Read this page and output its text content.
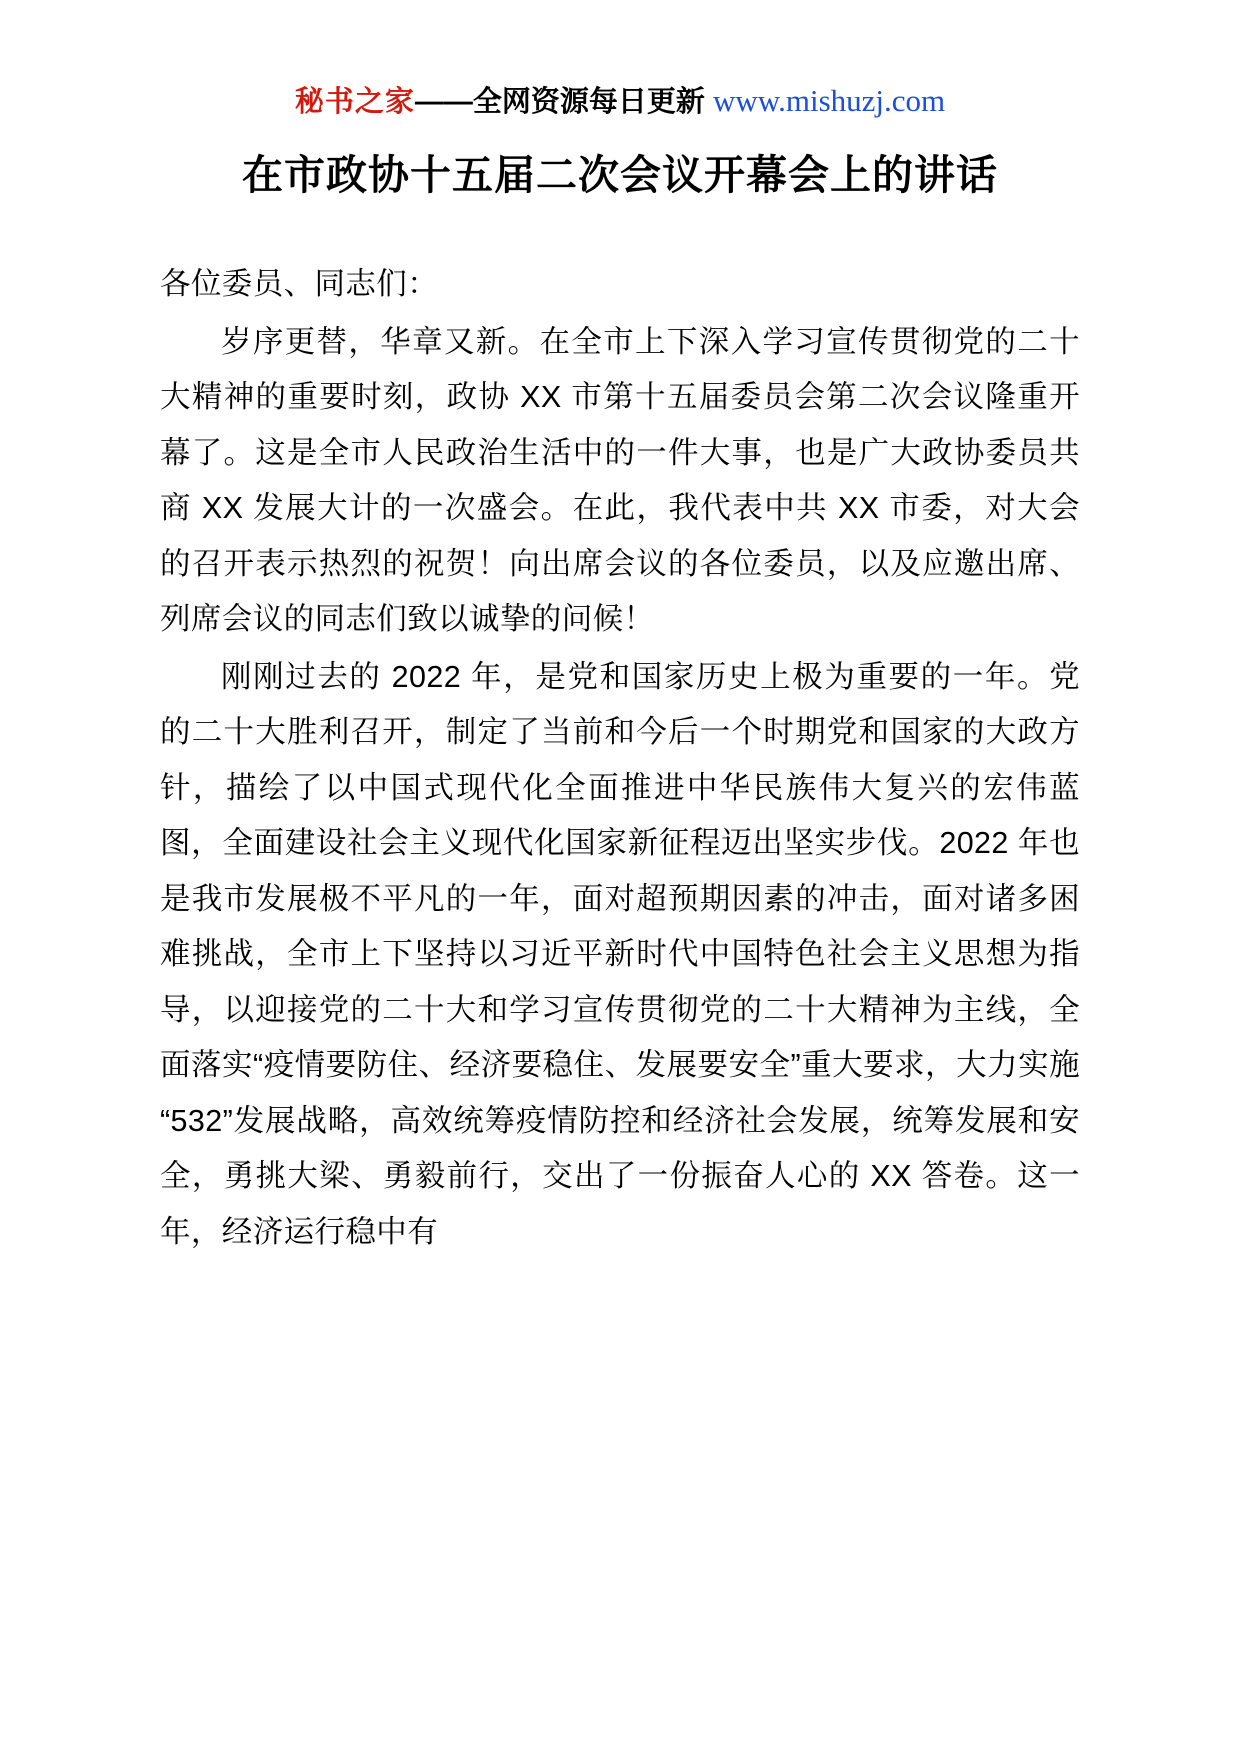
秘书之家——全网资源每日更新 www.mishuzj.com
在市政协十五届二次会议开幕会上的讲话

各位委员、同志们：

岁序更替，华章又新。在全市上下深入学习宣传贯彻党的二十大精神的重要时刻，政协 XX 市第十五届委员会第二次会议隆重开幕了。这是全市人民政治生活中的一件大事，也是广大政协委员共商 XX 发展大计的一次盛会。在此，我代表中共 XX 市委，对大会的召开表示热烈的祝贺！向出席会议的各位委员，以及应邀出席、列席会议的同志们致以诚挚的问候！

刚刚过去的 2022 年，是党和国家历史上极为重要的一年。党的二十大胜利召开，制定了当前和今后一个时期党和国家的大政方针，描绘了以中国式现代化全面推进中华民族伟大复兴的宏伟蓝图，全面建设社会主义现代化国家新征程迈出坚实步伐。2022 年也是我市发展极不平凡的一年，面对超预期因素的冲击，面对诸多困难挑战，全市上下坚持以习近平新时代中国特色社会主义思想为指导，以迎接党的二十大和学习宣传贯彻党的二十大精神为主线，全面落实“疫情要防住、经济要稳住、发展要安全”重大要求，大力实施“532”发展战略，高效统筹疫情防控和经济社会发展，统筹发展和安全，勇挑大梁、勇毅前行，交出了一份振奋人心的 XX 答卷。这一年，经济运行稳中有
